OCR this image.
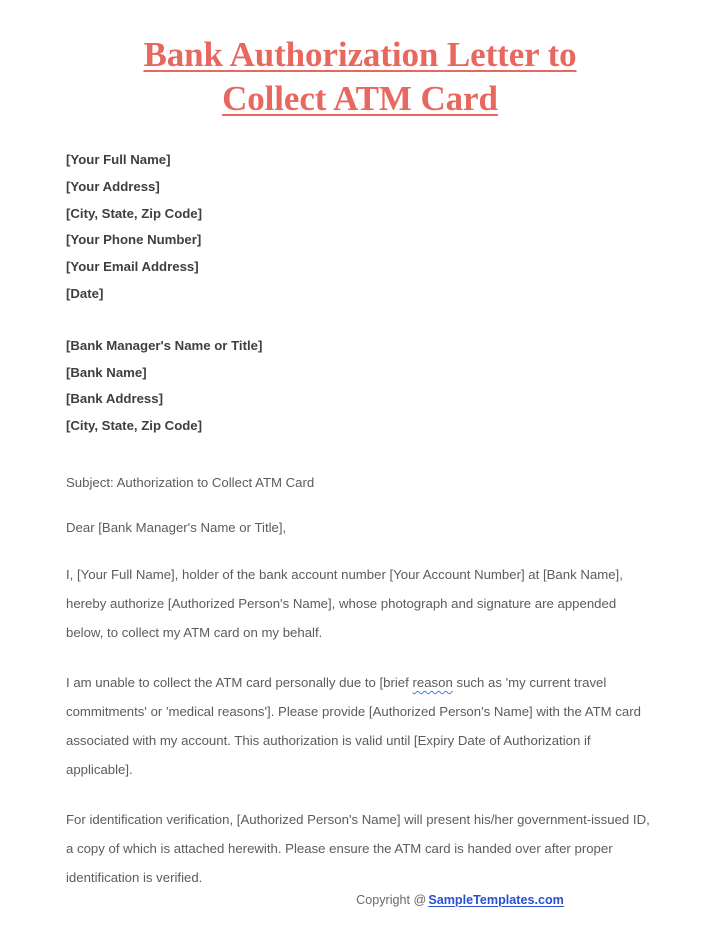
Bank Authorization Letter to
Collect ATM Card
[Your Full Name]
[Your Address]
[City, State, Zip Code]
[Your Phone Number]
[Your Email Address]
[Date]
[Bank Manager's Name or Title]
[Bank Name]
[Bank Address]
[City, State, Zip Code]
Subject: Authorization to Collect ATM Card
Dear [Bank Manager's Name or Title],

I, [Your Full Name], holder of the bank account number [Your Account Number] at [Bank Name], hereby authorize [Authorized Person's Name], whose photograph and signature are appended below, to collect my ATM card on my behalf.

I am unable to collect the ATM card personally due to [brief reason such as 'my current travel commitments' or 'medical reasons']. Please provide [Authorized Person's Name] with the ATM card associated with my account. This authorization is valid until [Expiry Date of Authorization if applicable].

For identification verification, [Authorized Person's Name] will present his/her government-issued ID, a copy of which is attached herewith. Please ensure the ATM card is handed over after proper identification is verified.

Copyright @ SampleTemplates.com
